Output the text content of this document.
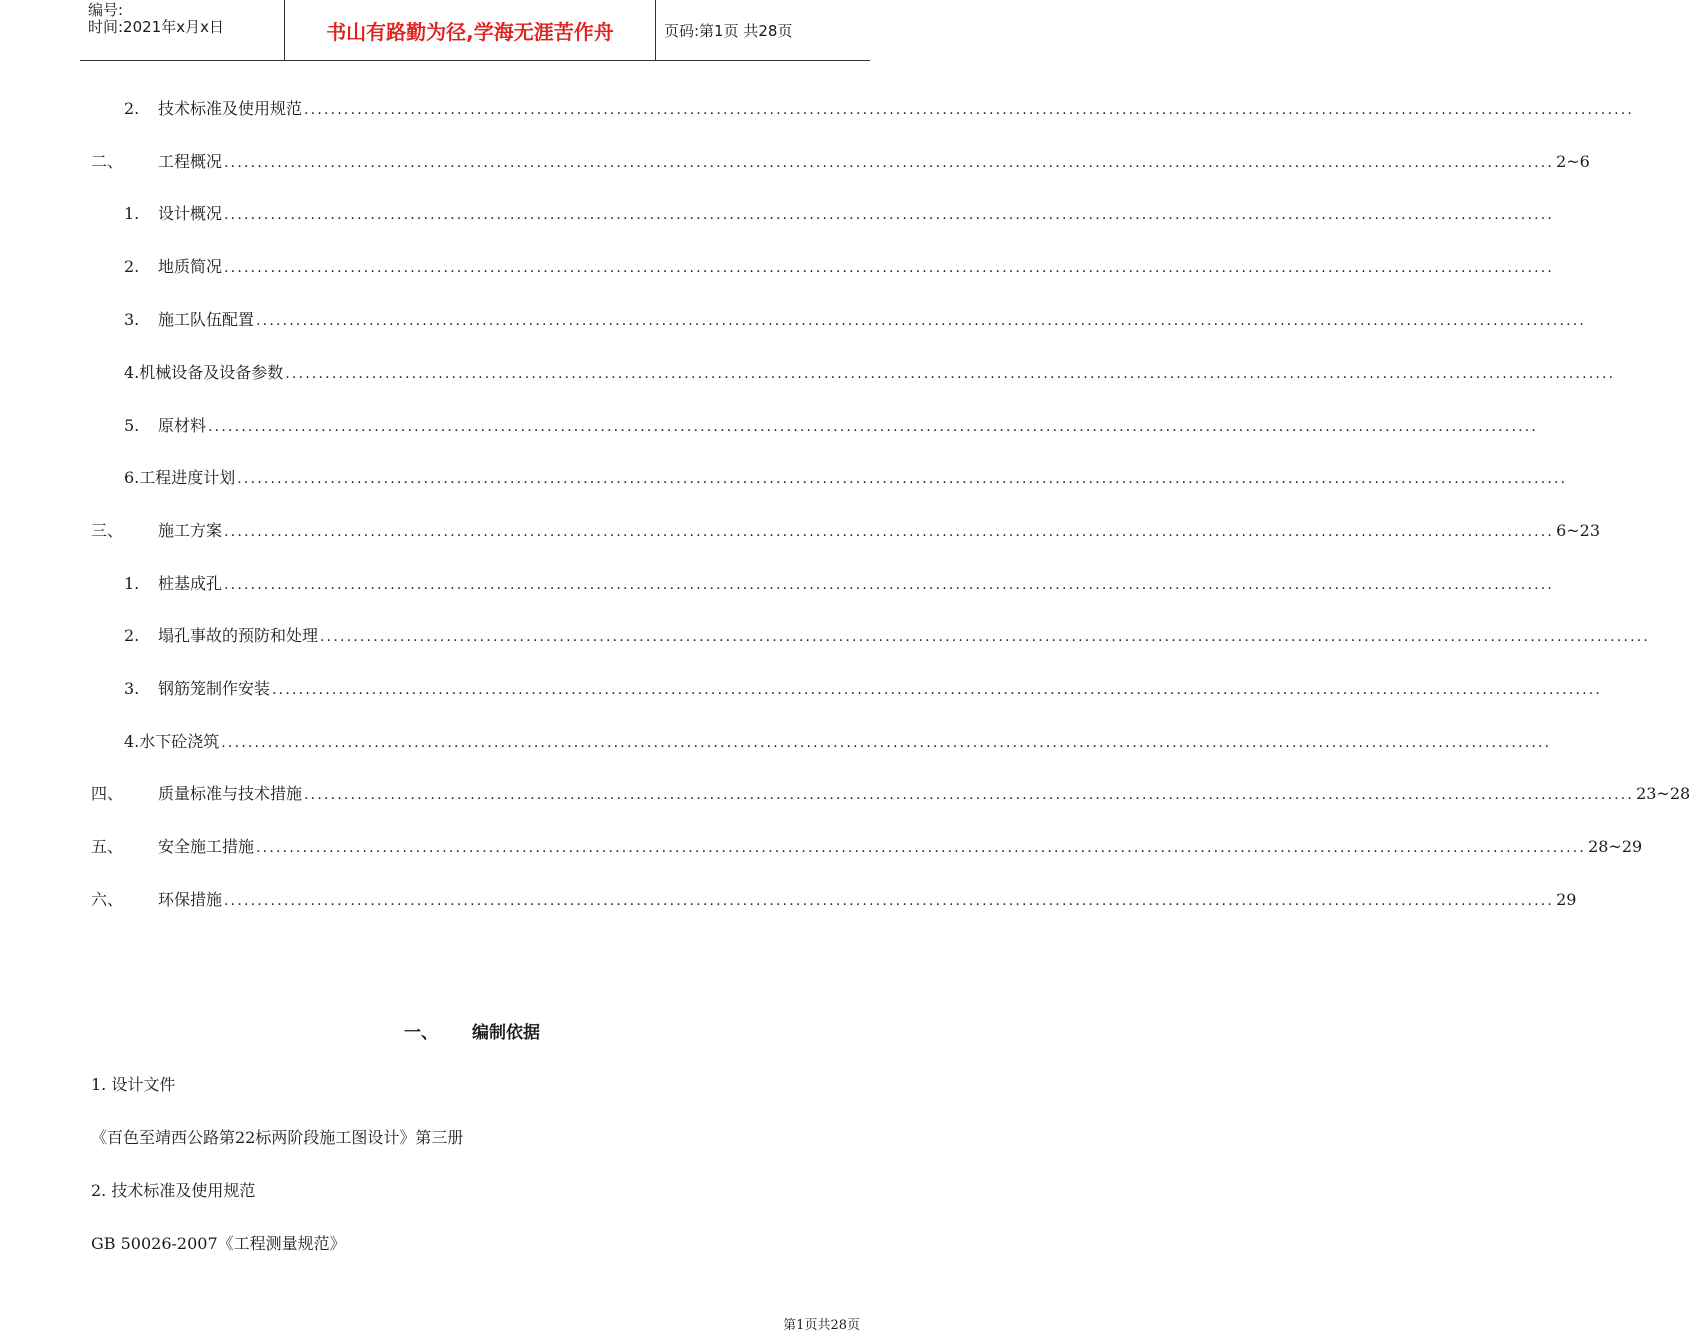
编号:
时间:2021年x月x日	书山有路勤为径,学海无涯苦作舟	页码:第1页 共28页
2.	技术标准及使用规范 ........................................................................................................................................................................................................
二、	工程概况 ........................................................................................................................................................................................................ 2~6
1.	设计概况 ........................................................................................................................................................................................................
2.	地质简况 ........................................................................................................................................................................................................
3.	施工队伍配置 ........................................................................................................................................................................................................
4. 机械设备及设备参数 ........................................................................................................................................................................................................
5.	原材料 ........................................................................................................................................................................................................
6. 工程进度计划 ........................................................................................................................................................................................................
三、	施工方案 ........................................................................................................................................................................................................ 6~23
1.	桩基成孔 ........................................................................................................................................................................................................
2.	塌孔事故的预防和处理 ........................................................................................................................................................................................................
3.	钢筋笼制作安装 ........................................................................................................................................................................................................
4. 水下砼浇筑 ........................................................................................................................................................................................................
四、	质量标准与技术措施 ........................................................................................................................................................................................................ 23~28
五、	安全施工措施 ........................................................................................................................................................................................................ 28~29
六、	环保措施 ........................................................................................................................................................................................................ 29
一、 编制依据
1. 设计文件
《百色至靖西公路第22标两阶段施工图设计》第三册
2. 技术标准及使用规范
GB 50026-2007《工程测量规范》
第1页共28页
